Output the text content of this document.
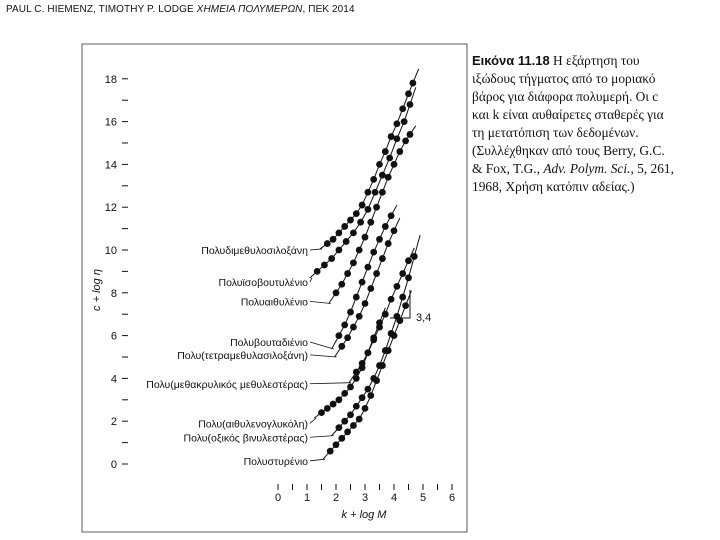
PAUL C. HIEMENZ, TIMOTHY P. LODGE ΧΗΜΕΙΑ ΠΟΛΥΜΕΡΩΝ, ΠΕΚ 2014
0
2
4
6
8
10
12
14
16
18
0 1 2 3 4 5 6
Πολυδιμεθυλοσιλοξάνη
Πολυϊσοβουτυλένιο
Πολυαιθυλένιο
Πολυβουταδιένιο
Πολυ(τετραμεθυλασιλοξάνη)
Πολυ(μεθακρυλικός μεθυλεστέρας)
Πολυ(αιθυλενογλυκόλη)
Πολυ(οξικός βινυλεστέρας)
Πολυστυρένιο
3,4
k + log M
c + log η
Εικόνα 11.18 Η εξάρτηση του ιξώδους τήγματος από το μοριακό βάρος για διάφορα πολυμερή. Οι c και k είναι αυθαίρετες σταθερές για τη μετατόπιση των δεδομένων. (Συλλέχθηκαν από τους Berry, G.C. & Fox, T.G., Adv. Polym. Sci., 5, 261, 1968, Χρήση κατόπιν αδείας.)
